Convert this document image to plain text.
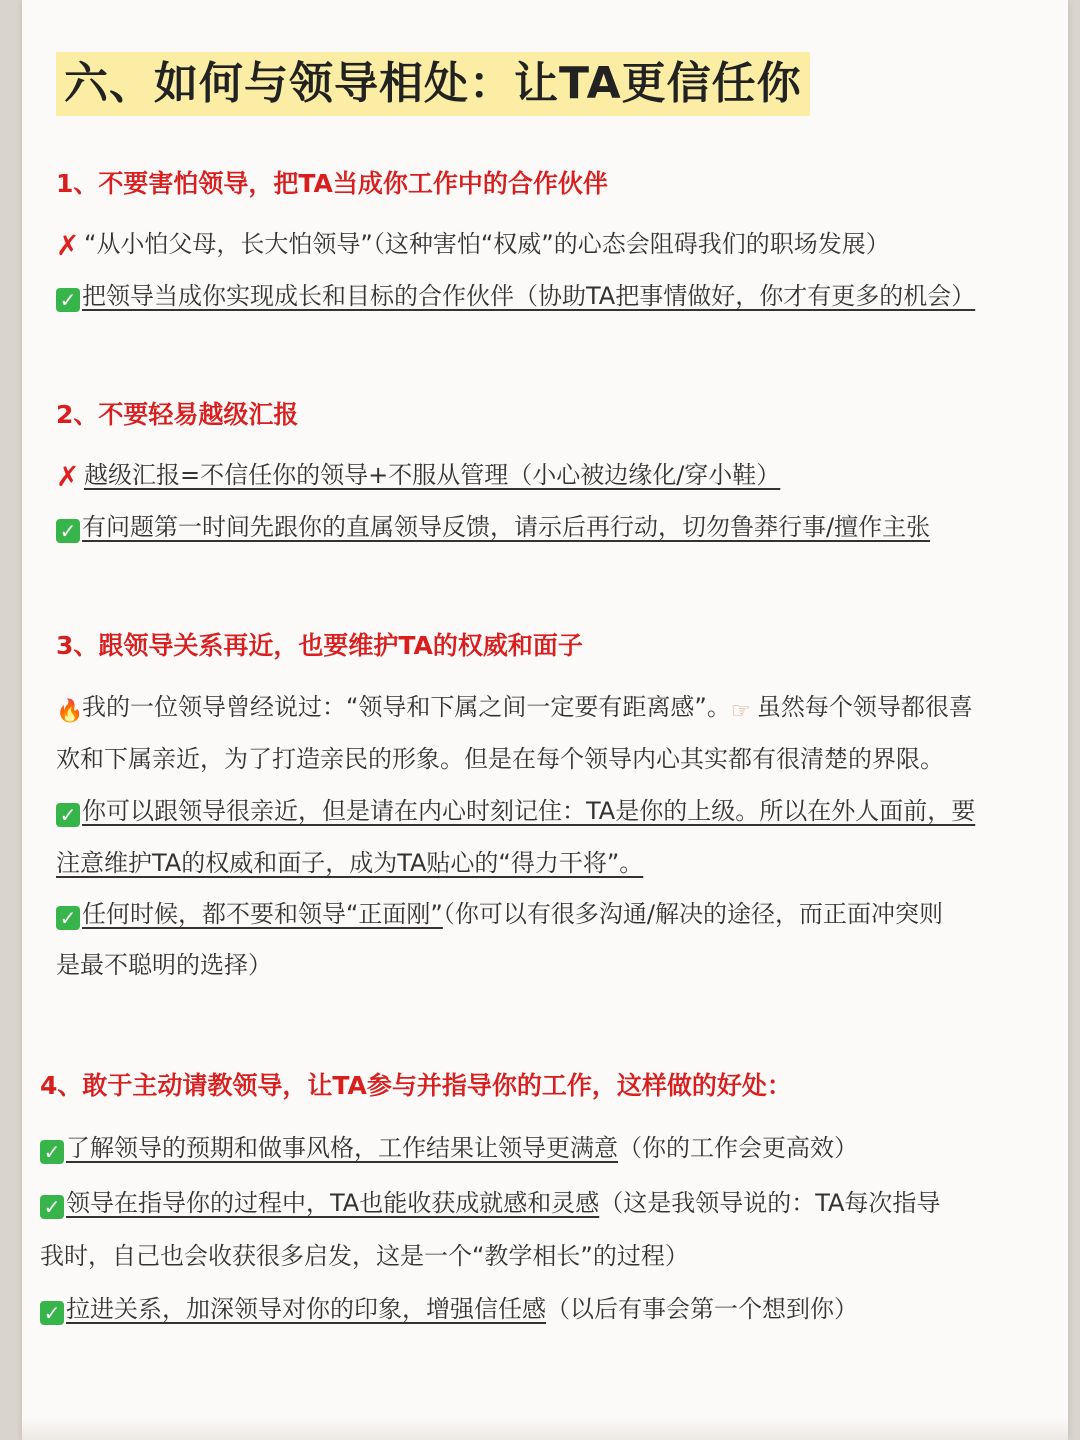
六、如何与领导相处：让TA更信任你
1、不要害怕领导，把TA当成你工作中的合作伙伴
✗ “从小怕父母，长大怕领导”（这种害怕“权威”的心态会阻碍我们的职场发展）
✓ 把领导当成你实现成长和目标的合作伙伴（协助TA把事情做好，你才有更多的机会）
2、不要轻易越级汇报
✗ 越级汇报=不信任你的领导+不服从管理（小心被边缘化/穿小鞋）
✓ 有问题第一时间先跟你的直属领导反馈，请示后再行动，切勿鲁莽行事/擅作主张
3、跟领导关系再近，也要维护TA的权威和面子
🔥我的一位领导曾经说过：“领导和下属之间一定要有距离感”。☞ 虽然每个领导都很喜
欢和下属亲近，为了打造亲民的形象。但是在每个领导内心其实都有很清楚的界限。
✓ 你可以跟领导很亲近，但是请在内心时刻记住：TA是你的上级。所以在外人面前，要
注意维护TA的权威和面子，成为TA贴心的“得力干将”。
✓ 任何时候，都不要和领导“正面刚”（你可以有很多沟通/解决的途径，而正面冲突则
是最不聪明的选择）
4、敢于主动请教领导，让TA参与并指导你的工作，这样做的好处：
✓ 了解领导的预期和做事风格，工作结果让领导更满意（你的工作会更高效）
✓ 领导在指导你的过程中，TA也能收获成就感和灵感（这是我领导说的：TA每次指导
我时，自己也会收获很多启发，这是一个“教学相长”的过程）
✓ 拉进关系，加深领导对你的印象，增强信任感（以后有事会第一个想到你）
